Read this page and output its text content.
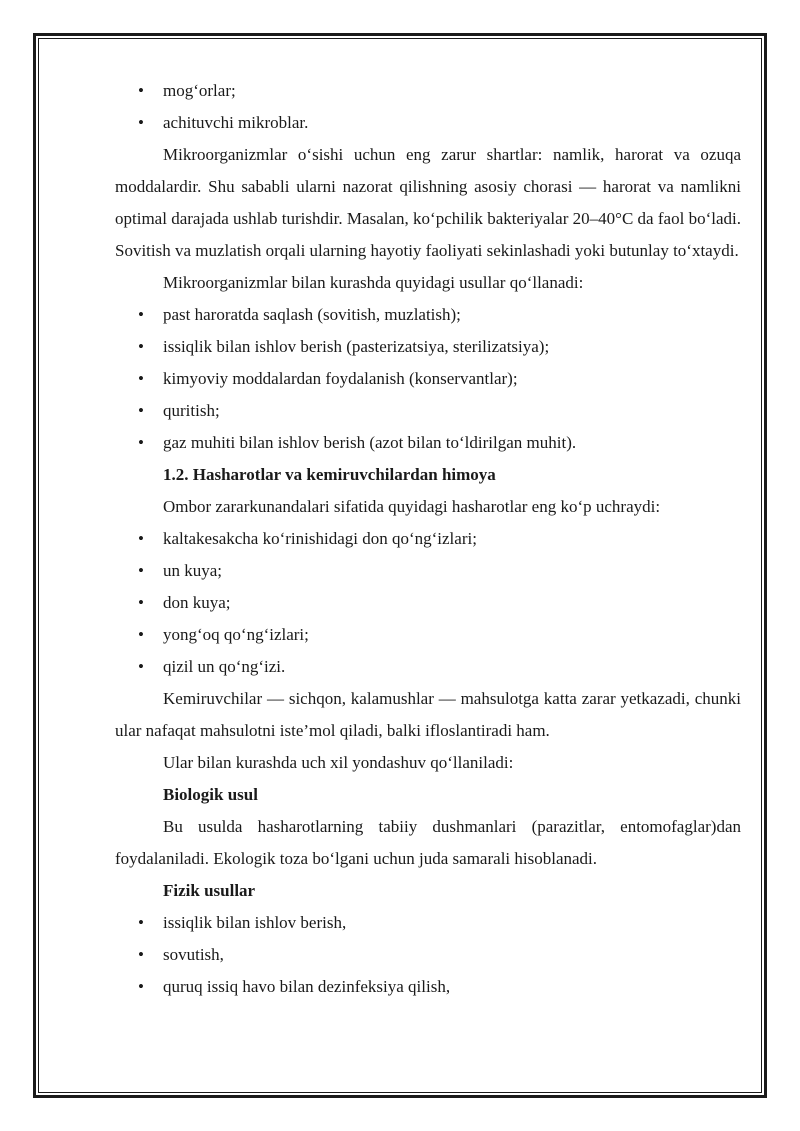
• mog‘orlar;
• achituvchi mikroblar.

Mikroorganizmlar o‘sishi uchun eng zarur shartlar: namlik, harorat va ozuqa moddalardir. Shu sababli ularni nazorat qilishning asosiy chorasi — harorat va namlikni optimal darajada ushlab turishdir. Masalan, ko‘pchilik bakteriyalar 20–40°C da faol bo‘ladi. Sovitish va muzlatish orqali ularning hayotiy faoliyati sekinlashadi yoki butunlay to‘xtaydi.

Mikroorganizmlar bilan kurashda quyidagi usullar qo‘llanadi:

• past haroratda saqlash (sovitish, muzlatish);
• issiqlik bilan ishlov berish (pasterizatsiya, sterilizatsiya);
• kimyoviy moddalardan foydalanish (konservantlar);
• quritish;
• gaz muhiti bilan ishlov berish (azot bilan to‘ldirilgan muhit).

1.2. Hasharotlar va kemiruvchilardan himoya

Ombor zararkunandalari sifatida quyidagi hasharotlar eng ko‘p uchraydi:

• kaltakesakcha ko‘rinishidagi don qo‘ng‘izlari;
• un kuya;
• don kuya;
• yong‘oq qo‘ng‘izlari;
• qizil un qo‘ng‘izi.

Kemiruvchilar — sichqon, kalamushlar — mahsulotga katta zarar yetkazadi, chunki ular nafaqat mahsulotni iste’mol qiladi, balki ifloslantiradi ham.

Ular bilan kurashda uch xil yondashuv qo‘llaniladi:

Biologik usul

Bu usulda hasharotlarning tabiiy dushmanlari (parazitlar, entomofaglar)dan foydalaniladi. Ekologik toza bo‘lgani uchun juda samarali hisoblanadi.

Fizik usullar

• issiqlik bilan ishlov berish,
• sovutish,
• quruq issiq havo bilan dezinfeksiya qilish,
